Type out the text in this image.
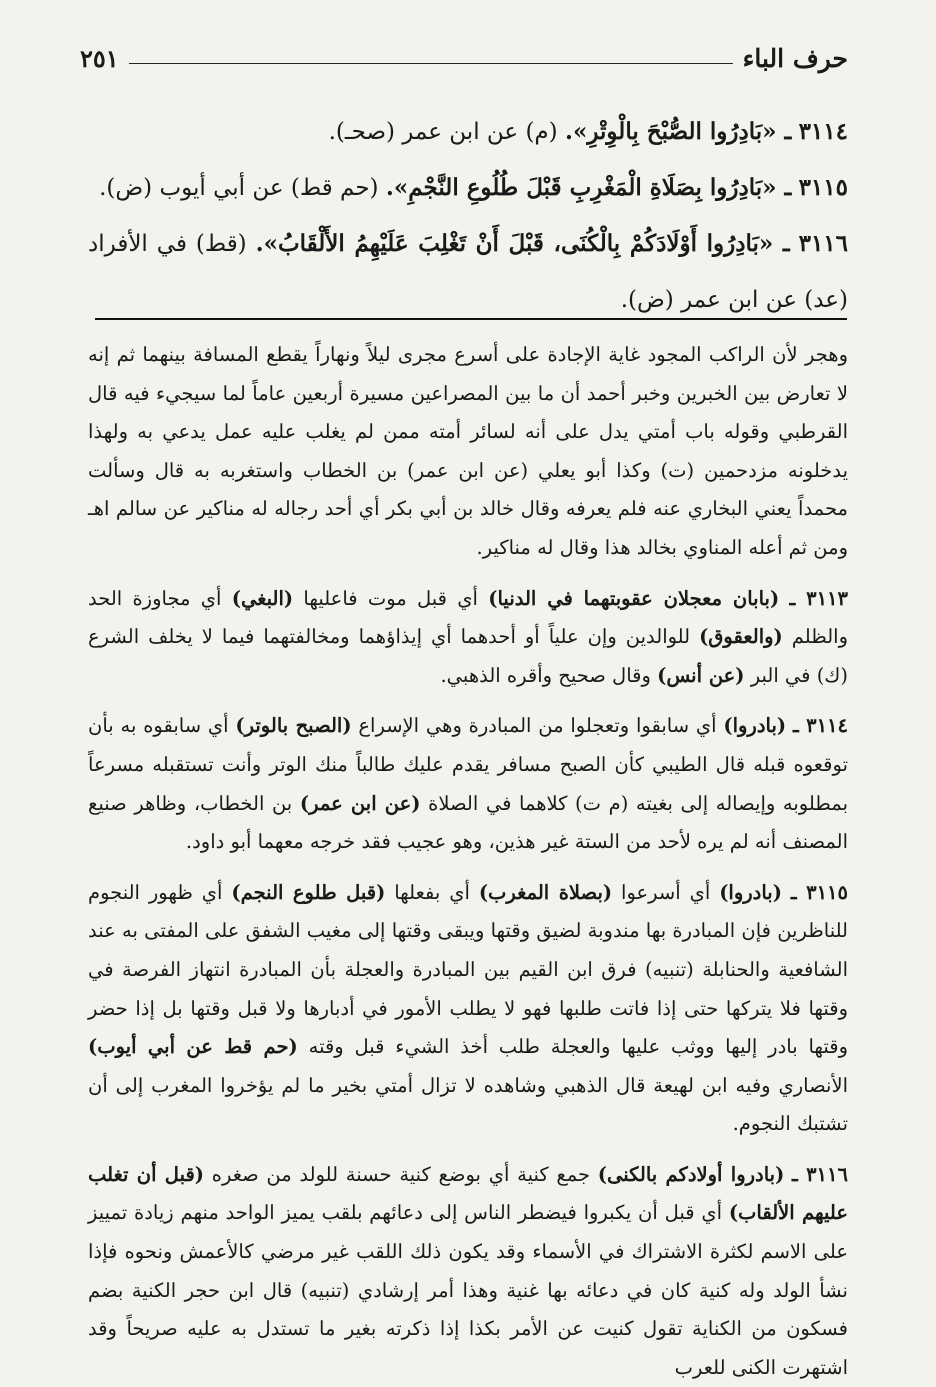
حرف الباء
٢٥١
٣١١٤ ـ «بَادِرُوا الصُّبْحَ بِالْوِتْرِ». (م) عن ابن عمر (صحـ).
٣١١٥ ـ «بَادِرُوا بِصَلَاةِ الْمَغْرِبِ قَبْلَ طُلُوعِ النَّجْمِ». (حم قط) عن أبي أيوب (ض).
٣١١٦ ـ «بَادِرُوا أَوْلَادَكُمْ بِالْكُنَى، قَبْلَ أَنْ تَغْلِبَ عَلَيْهِمُ الأَلْقَابُ». (قط) في الأفراد (عد) عن ابن عمر (ض).

وهجر لأن الراكب المجود غاية الإجادة على أسرع مجرى ليلاً ونهاراً يقطع المسافة بينهما ثم إنه لا تعارض بين الخبرين وخبر أحمد أن ما بين المصراعين مسيرة أربعين عاماً لما سيجيء فيه قال القرطبي وقوله باب أمتي يدل على أنه لسائر أمته ممن لم يغلب عليه عمل يدعي به ولهذا يدخلونه مزدحمين (ت) وكذا أبو يعلي (عن ابن عمر) بن الخطاب واستغربه به قال وسألت محمداً يعني البخاري عنه فلم يعرفه وقال خالد بن أبي بكر أي أحد رجاله له مناكير عن سالم اهـ ومن ثم أعله المناوي بخالد هذا وقال له مناكير.

٣١١٣ ـ (بابان معجلان عقوبتهما في الدنيا) أي قبل موت فاعليها (البغي) أي مجاوزة الحد والظلم (والعقوق) للوالدين وإن علياً أو أحدهما أي إيذاؤهما ومخالفتهما فيما لا يخلف الشرع (ك) في البر (عن أنس) وقال صحيح وأقره الذهبي.

٣١١٤ ـ (بادروا) أي سابقوا وتعجلوا من المبادرة وهي الإسراع (الصبح بالوتر) أي سابقوه به بأن توقعوه قبله قال الطيبي كأن الصبح مسافر يقدم عليك طالباً منك الوتر وأنت تستقبله مسرعاً بمطلوبه وإيصاله إلى بغيته (م ت) كلاهما في الصلاة (عن ابن عمر) بن الخطاب، وظاهر صنيع المصنف أنه لم يره لأحد من الستة غير هذين، وهو عجيب فقد خرجه معهما أبو داود.

٣١١٥ ـ (بادروا) أي أسرعوا (بصلاة المغرب) أي بفعلها (قبل طلوع النجم) أي ظهور النجوم للناظرين فإن المبادرة بها مندوبة لضيق وقتها ويبقى وقتها إلى مغيب الشفق على المفتى به عند الشافعية والحنابلة (تنبيه) فرق ابن القيم بين المبادرة والعجلة بأن المبادرة انتهاز الفرصة في وقتها فلا يتركها حتى إذا فاتت طلبها فهو لا يطلب الأمور في أدبارها ولا قبل وقتها بل إذا حضر وقتها بادر إليها ووثب عليها والعجلة طلب أخذ الشيء قبل وقته (حم قط عن أبي أيوب) الأنصاري وفيه ابن لهيعة قال الذهبي وشاهده لا تزال أمتي بخير ما لم يؤخروا المغرب إلى أن تشتبك النجوم.

٣١١٦ ـ (بادروا أولادكم بالكنى) جمع كنية أي بوضع كنية حسنة للولد من صغره (قبل أن تغلب عليهم الألقاب) أي قبل أن يكبروا فيضطر الناس إلى دعائهم بلقب يميز الواحد منهم زيادة تمييز على الاسم لكثرة الاشتراك في الأسماء وقد يكون ذلك اللقب غير مرضي كالأعمش ونحوه فإذا نشأ الولد وله كنية كان في دعائه بها غنية وهذا أمر إرشادي (تنبيه) قال ابن حجر الكنية بضم فسكون من الكناية تقول كنيت عن الأمر بكذا إذا ذكرته بغير ما تستدل به عليه صريحاً وقد اشتهرت الكنى للعرب
